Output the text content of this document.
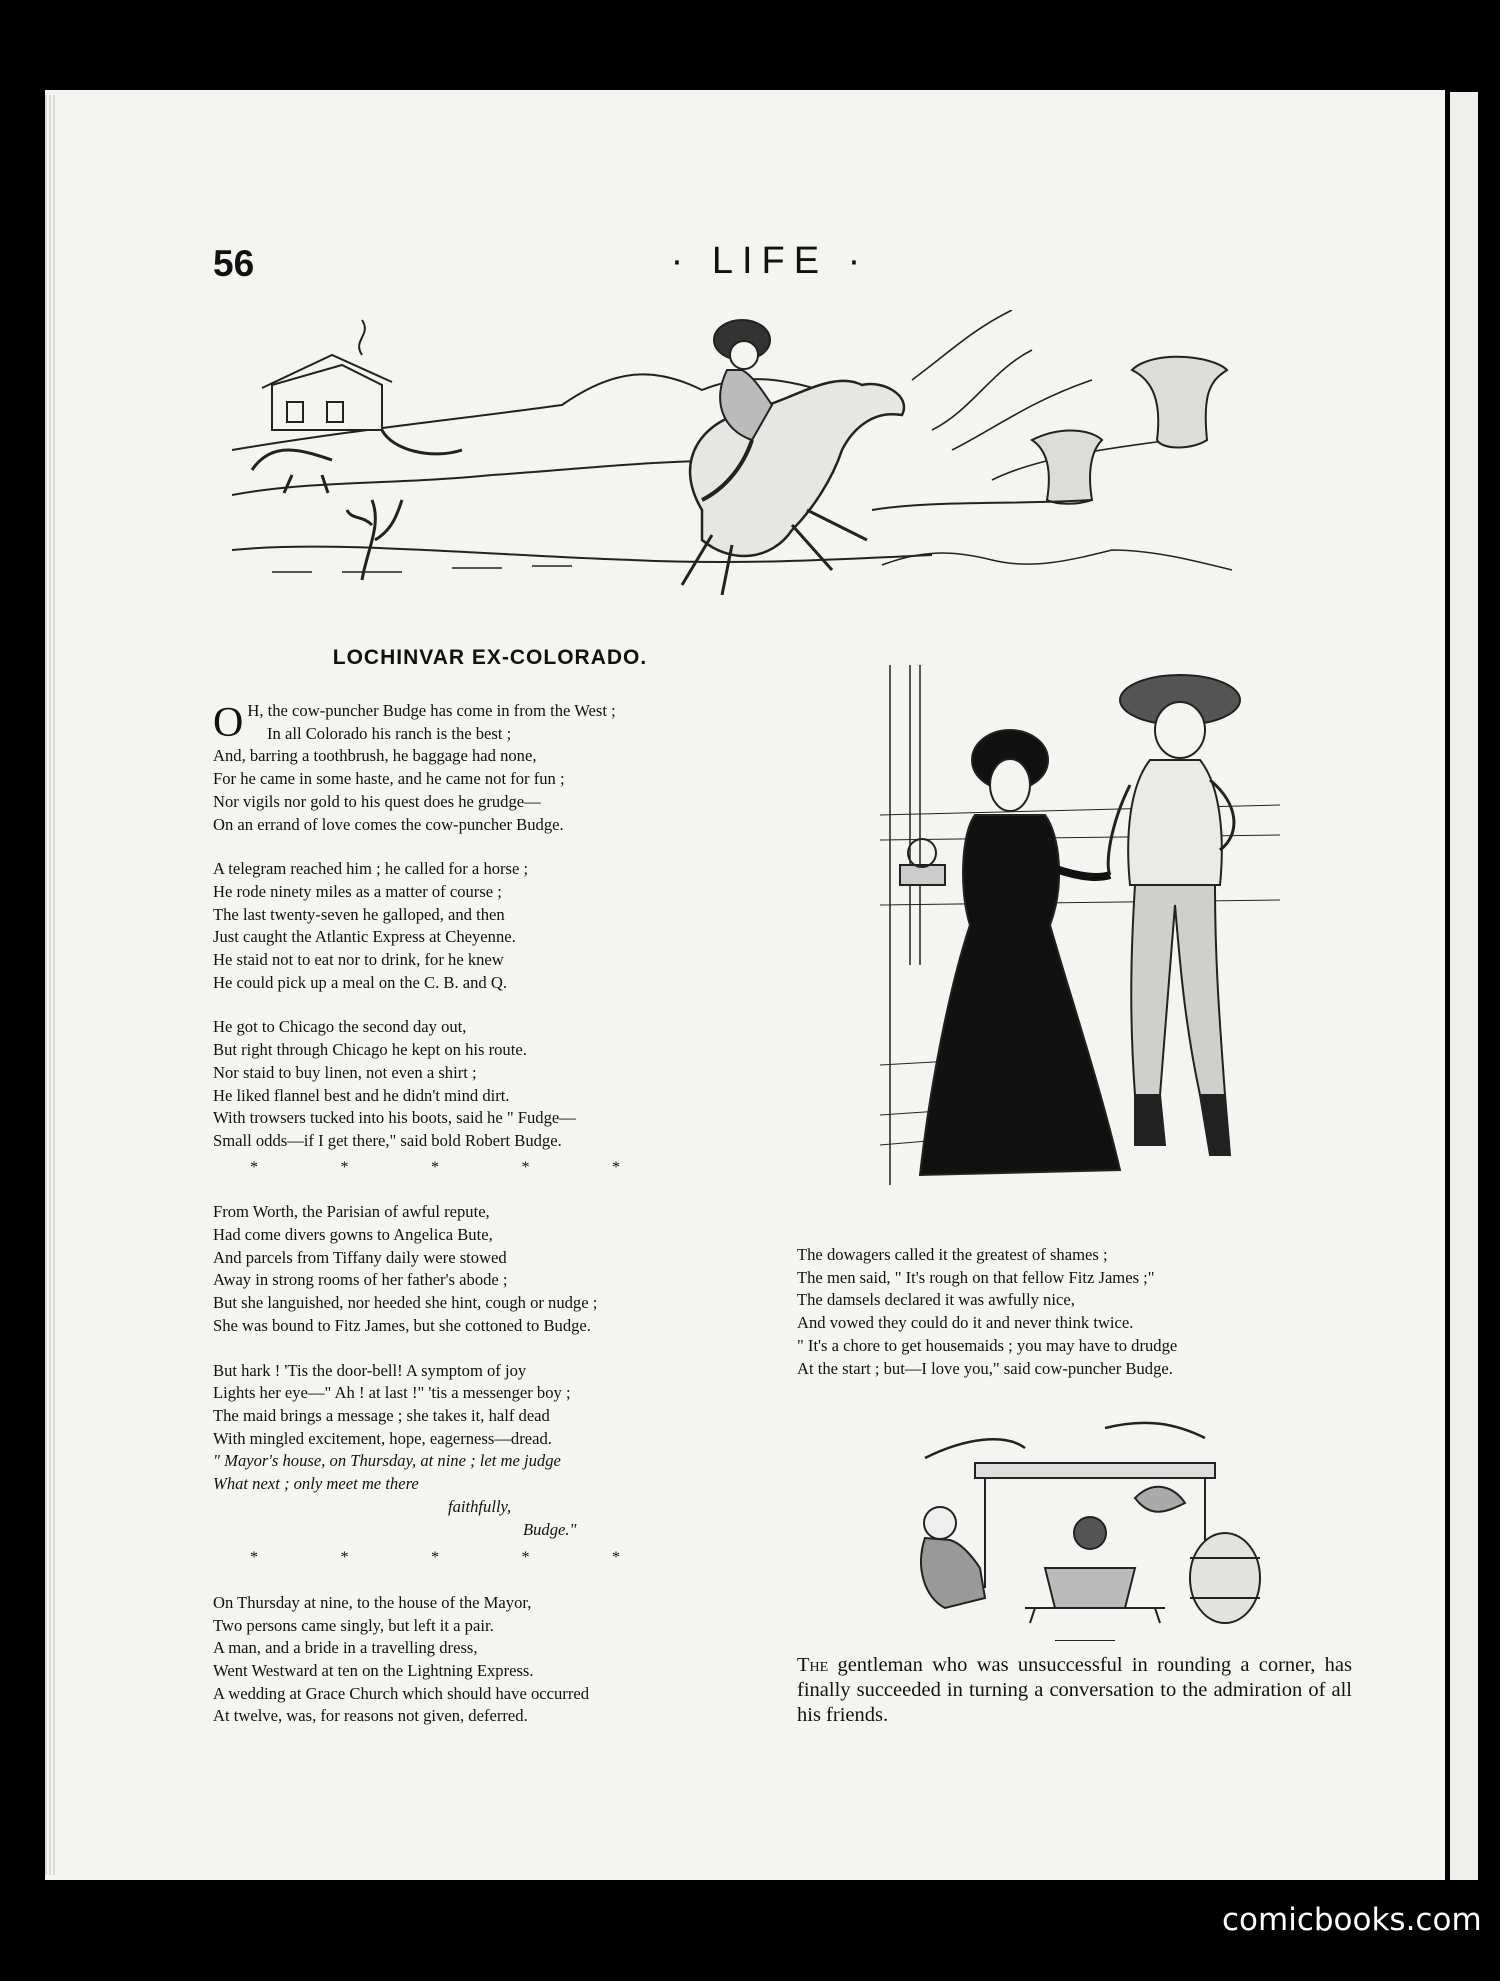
56	· LIFE ·
LOCHINVAR EX-COLORADO.
O H, the cow-puncher Budge has come in from the West ;

In all Colorado his ranch is the best ;

And, barring a toothbrush, he baggage had none,

For he came in some haste, and he came not for fun ;

Nor vigils nor gold to his quest does he grudge—

On an errand of love comes the cow-puncher Budge.

A telegram reached him ; he called for a horse ;

He rode ninety miles as a matter of course ;

The last twenty-seven he galloped, and then

Just caught the Atlantic Express at Cheyenne.

He staid not to eat nor to drink, for he knew

He could pick up a meal on the C. B. and Q.

He got to Chicago the second day out,

But right through Chicago he kept on his route.

Nor staid to buy linen, not even a shirt ;

He liked flannel best and he didn't mind dirt.

With trowsers tucked into his boots, said he " Fudge—

Small odds—if I get there," said bold Robert Budge.

*	*	*	*	*

From Worth, the Parisian of awful repute,

Had come divers gowns to Angelica Bute,

And parcels from Tiffany daily were stowed

Away in strong rooms of her father's abode ;

But she languished, nor heeded she hint, cough or nudge ;

She was bound to Fitz James, but she cottoned to Budge.

But hark ! 'Tis the door-bell! A symptom of joy

Lights her eye—" Ah ! at last !" 'tis a messenger boy ;

The maid brings a message ; she takes it, half dead

With mingled excitement, hope, eagerness—dread.

" Mayor's house, on Thursday, at nine ; let me judge

What next ; only meet me there

faithfully,

Budge."

*	*	*	*	*

On Thursday at nine, to the house of the Mayor,

Two persons came singly, but left it a pair.

A man, and a bride in a travelling dress,

Went Westward at ten on the Lightning Express.

A wedding at Grace Church which should have occurred

At twelve, was, for reasons not given, deferred.

The dowagers called it the greatest of shames ;

The men said, " It's rough on that fellow Fitz James ;"

The damsels declared it was awfully nice,

And vowed they could do it and never think twice.

" It's a chore to get housemaids ; you may have to drudge

At the start ; but—I love you," said cow-puncher Budge.

The gentleman who was unsuccessful in rounding a corner, has finally succeeded in turning a conversation to the admiration of all his friends.
comicbooks.com
